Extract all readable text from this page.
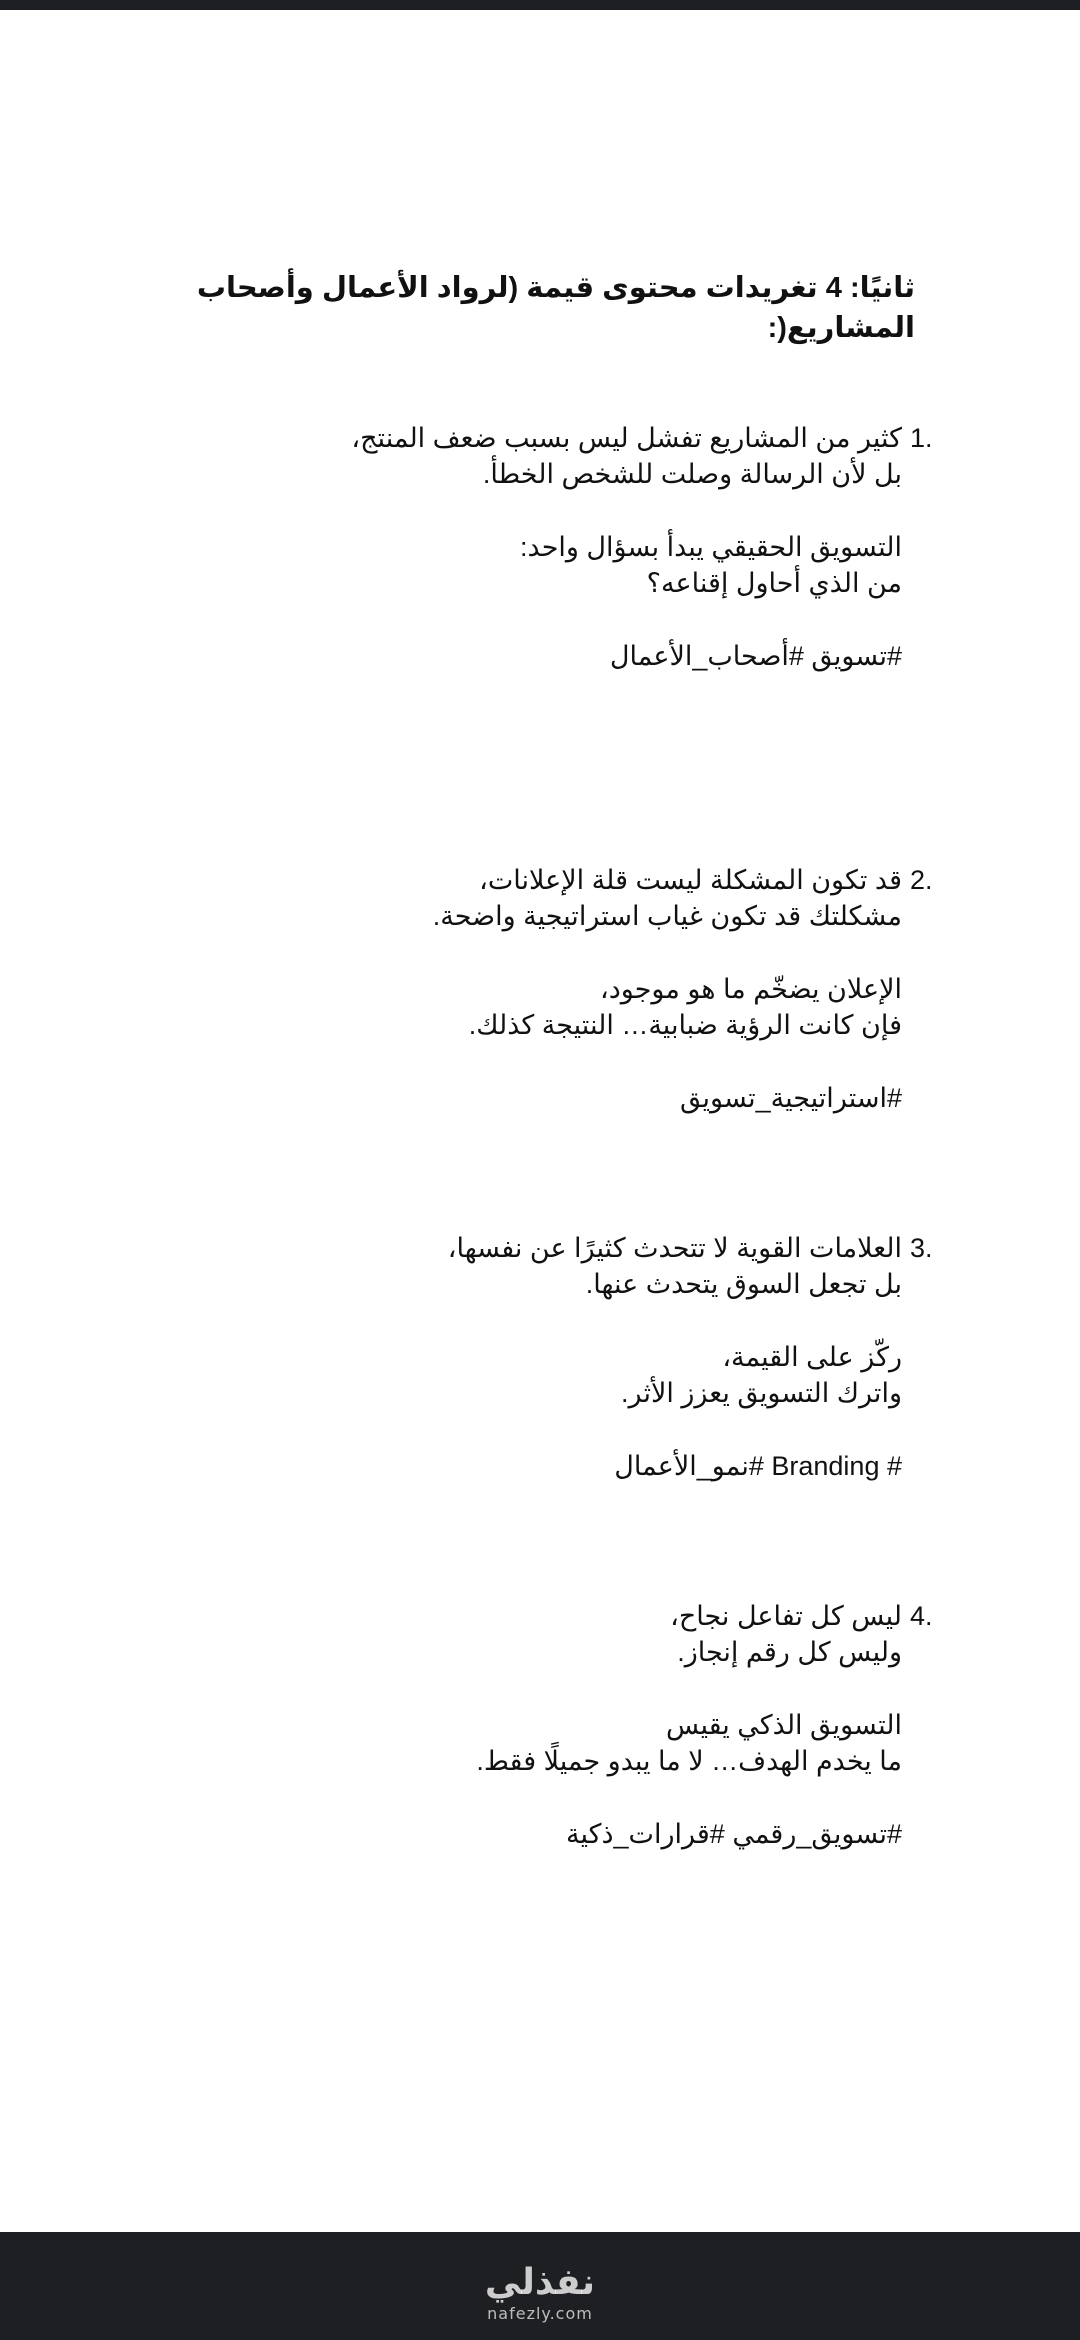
ثانيًا: 4 تغريدات محتوى قيمة (لرواد الأعمال وأصحاب المشاريع(:
1.
كثير من المشاريع تفشل ليس بسبب ضعف المنتج،
بل لأن الرسالة وصلت للشخص الخطأ.
التسويق الحقيقي يبدأ بسؤال واحد:
من الذي أحاول إقناعه؟
#تسويق #أصحاب_الأعمال
2.
قد تكون المشكلة ليست قلة الإعلانات،
مشكلتك قد تكون غياب استراتيجية واضحة.
الإعلان يضخّم ما هو موجود،
فإن كانت الرؤية ضبابية… النتيجة كذلك.
#استراتيجية_تسويق
3.
العلامات القوية لا تتحدث كثيرًا عن نفسها،
بل تجعل السوق يتحدث عنها.
ركّز على القيمة،
واترك التسويق يعزز الأثر.
# Branding #نمو_الأعمال
4.
ليس كل تفاعل نجاح،
وليس كل رقم إنجاز.
التسويق الذكي يقيس
ما يخدم الهدف… لا ما يبدو جميلًا فقط.
#تسويق_رقمي #قرارات_ذكية
نفذلي
nafezly.com
